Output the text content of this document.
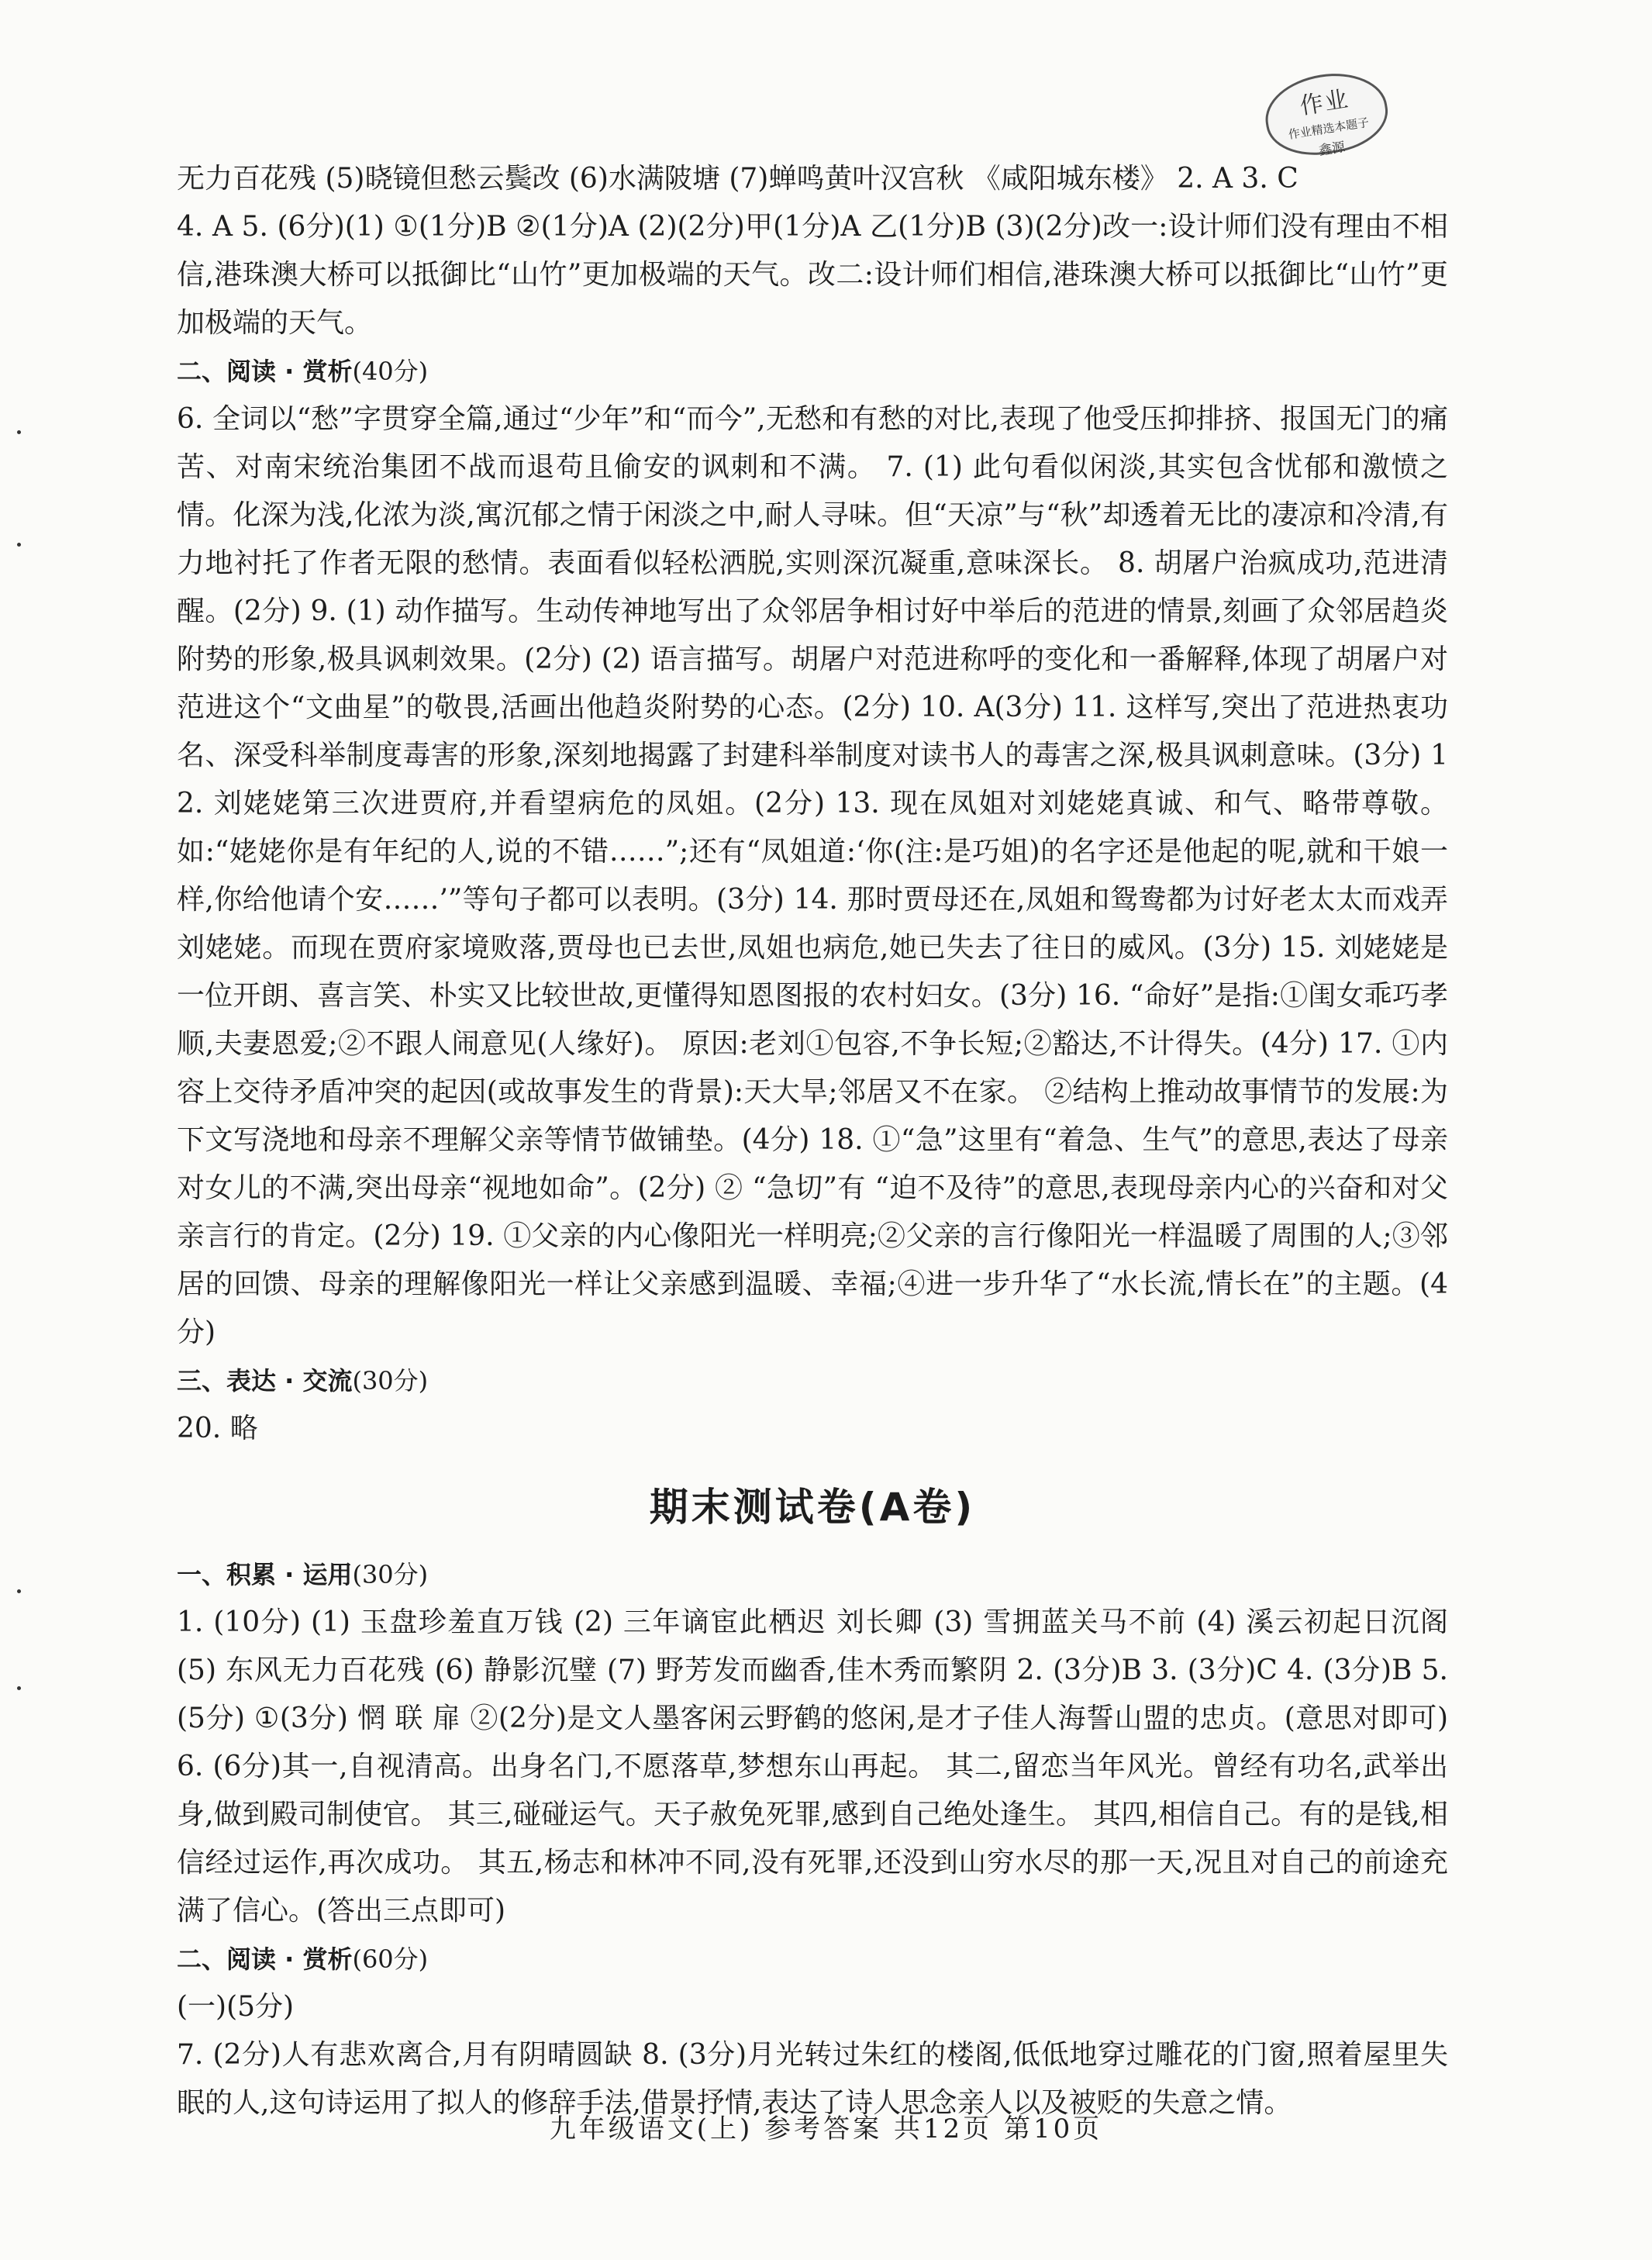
作业
作业精选本题子
鑫源

无力百花残 (5)晓镜但愁云鬓改 (6)水满陂塘 (7)蝉鸣黄叶汉宫秋 《咸阳城东楼》 2. A 3. C

4. A 5. (6分)(1) ①(1分)B ②(1分)A (2)(2分)甲(1分)A 乙(1分)B (3)(2分)改一:设计师们没有理由不相信,港珠澳大桥可以抵御比“山竹”更加极端的天气。改二:设计师们相信,港珠澳大桥可以抵御比“山竹”更加极端的天气。

二、阅读 · 赏析(40分)

6. 全词以“愁”字贯穿全篇,通过“少年”和“而今”,无愁和有愁的对比,表现了他受压抑排挤、报国无门的痛苦、对南宋统治集团不战而退苟且偷安的讽刺和不满。 7. (1) 此句看似闲淡,其实包含忧郁和激愤之情。化深为浅,化浓为淡,寓沉郁之情于闲淡之中,耐人寻味。但“天凉”与“秋”却透着无比的凄凉和冷清,有力地衬托了作者无限的愁情。表面看似轻松洒脱,实则深沉凝重,意味深长。 8. 胡屠户治疯成功,范进清醒。(2分) 9. (1) 动作描写。生动传神地写出了众邻居争相讨好中举后的范进的情景,刻画了众邻居趋炎附势的形象,极具讽刺效果。(2分) (2) 语言描写。胡屠户对范进称呼的变化和一番解释,体现了胡屠户对范进这个“文曲星”的敬畏,活画出他趋炎附势的心态。(2分) 10. A(3分) 11. 这样写,突出了范进热衷功名、深受科举制度毒害的形象,深刻地揭露了封建科举制度对读书人的毒害之深,极具讽刺意味。(3分) 12. 刘姥姥第三次进贾府,并看望病危的凤姐。(2分) 13. 现在凤姐对刘姥姥真诚、和气、略带尊敬。如:“姥姥你是有年纪的人,说的不错……”;还有“凤姐道:‘你(注:是巧姐)的名字还是他起的呢,就和干娘一样,你给他请个安……’”等句子都可以表明。(3分) 14. 那时贾母还在,凤姐和鸳鸯都为讨好老太太而戏弄刘姥姥。而现在贾府家境败落,贾母也已去世,凤姐也病危,她已失去了往日的威风。(3分) 15. 刘姥姥是一位开朗、喜言笑、朴实又比较世故,更懂得知恩图报的农村妇女。(3分) 16. “命好”是指:①闺女乖巧孝顺,夫妻恩爱;②不跟人闹意见(人缘好)。 原因:老刘①包容,不争长短;②豁达,不计得失。(4分) 17. ①内容上交待矛盾冲突的起因(或故事发生的背景):天大旱;邻居又不在家。 ②结构上推动故事情节的发展:为下文写浇地和母亲不理解父亲等情节做铺垫。(4分) 18. ①“急”这里有“着急、生气”的意思,表达了母亲对女儿的不满,突出母亲“视地如命”。(2分) ② “急切”有 “迫不及待”的意思,表现母亲内心的兴奋和对父亲言行的肯定。(2分) 19. ①父亲的内心像阳光一样明亮;②父亲的言行像阳光一样温暖了周围的人;③邻居的回馈、母亲的理解像阳光一样让父亲感到温暖、幸福;④进一步升华了“水长流,情长在”的主题。(4分)

三、表达 · 交流(30分)

20. 略

期末测试卷(A卷)

一、积累 · 运用(30分)

1. (10分) (1) 玉盘珍羞直万钱 (2) 三年谪宦此栖迟 刘长卿 (3) 雪拥蓝关马不前 (4) 溪云初起日沉阁 (5) 东风无力百花残 (6) 静影沉璧 (7) 野芳发而幽香,佳木秀而繁阴 2. (3分)B 3. (3分)C 4. (3分)B 5. (5分) ①(3分) 惘 联 扉 ②(2分)是文人墨客闲云野鹤的悠闲,是才子佳人海誓山盟的忠贞。(意思对即可) 6. (6分)其一,自视清高。出身名门,不愿落草,梦想东山再起。 其二,留恋当年风光。曾经有功名,武举出身,做到殿司制使官。 其三,碰碰运气。天子赦免死罪,感到自己绝处逢生。 其四,相信自己。有的是钱,相信经过运作,再次成功。 其五,杨志和林冲不同,没有死罪,还没到山穷水尽的那一天,况且对自己的前途充满了信心。(答出三点即可)

二、阅读 · 赏析(60分)

(一)(5分)

7. (2分)人有悲欢离合,月有阴晴圆缺 8. (3分)月光转过朱红的楼阁,低低地穿过雕花的门窗,照着屋里失眠的人,这句诗运用了拟人的修辞手法,借景抒情,表达了诗人思念亲人以及被贬的失意之情。

九年级语文(上) 参考答案 共12页 第10页
